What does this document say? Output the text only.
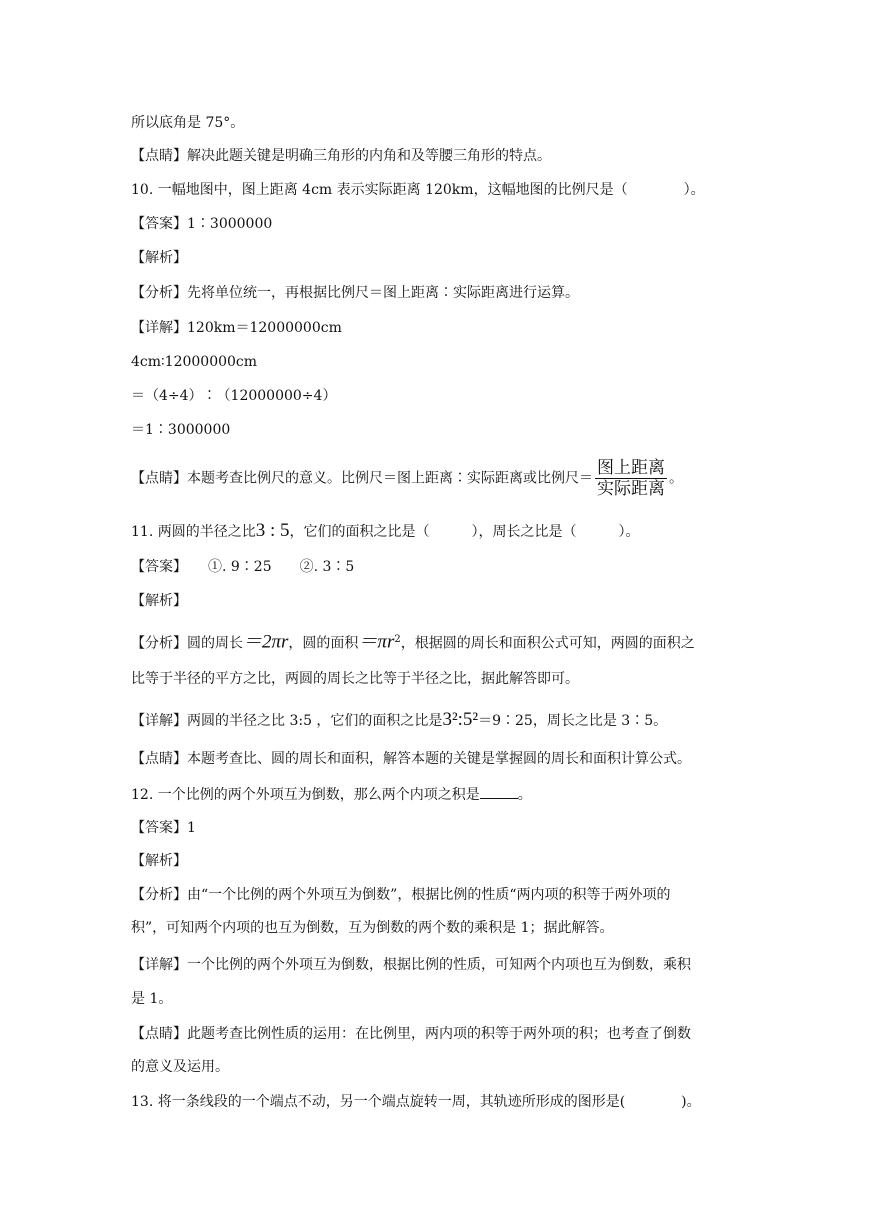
所以底角是 75°。
【点睛】解决此题关键是明确三角形的内角和及等腰三角形的特点。
10. 一幅地图中，图上距离 4cm 表示实际距离 120km，这幅地图的比例尺是（　　　　）。
【答案】1∶3000000
【解析】
【分析】先将单位统一，再根据比例尺＝图上距离∶实际距离进行运算。
【详解】120km＝12000000cm
4cm∶12000000cm
＝（4÷4）∶（12000000÷4）
＝1∶3000000
【点睛】本题考查比例尺的意义。比例尺＝图上距离∶实际距离或比例尺＝ $\frac{\text{图上距离}}{\text{实际距离}}$ 。
11. 两圆的半径之比3 : 5，它们的面积之比是（　　　），周长之比是（　　　）。
【答案】　　①. 9∶25　　②. 3∶5
【解析】
【分析】圆的周长＝2πr，圆的面积$=\pi r^2$，根据圆的周长和面积公式可知，两圆的面积之
比等于半径的平方之比，两圆的周长之比等于半径之比，据此解答即可。
【详解】两圆的半径之比 3:5 ，它们的面积之比是3²:5²＝9∶25，周长之比是 3∶5。
【点睛】本题考查比、圆的周长和面积，解答本题的关键是掌握圆的周长和面积计算公式。
12. 一个比例的两个外项互为倒数，那么两个内项之积是	。
【答案】1
【解析】
【分析】由“一个比例的两个外项互为倒数”，根据比例的性质“两内项的积等于两外项的
积”，可知两个内项的也互为倒数，互为倒数的两个数的乘积是 1；据此解答。
【详解】一个比例的两个外项互为倒数，根据比例的性质，可知两个内项也互为倒数，乘积
是 1。
【点睛】此题考查比例性质的运用：在比例里，两内项的积等于两外项的积；也考查了倒数
的意义及运用。
13. 将一条线段的一个端点不动，另一个端点旋转一周，其轨迹所形成的图形是(　　　　)。
